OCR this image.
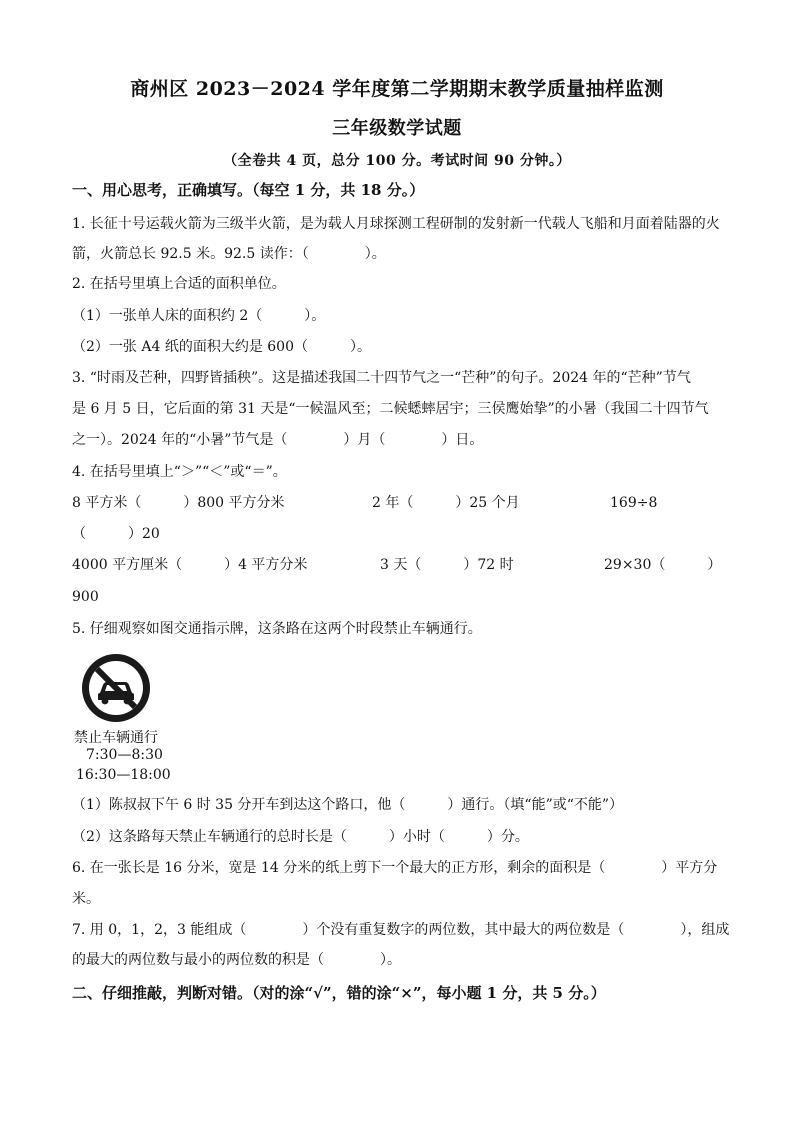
商州区 2023－2024 学年度第二学期期末教学质量抽样监测
三年级数学试题
（全卷共 4 页，总分 100 分。考试时间 90 分钟。）
一、用心思考，正确填写。（每空 1 分，共 18 分。）
1. 长征十号运载火箭为三级半火箭，是为载人月球探测工程研制的发射新一代载人飞船和月面着陆器的火
箭，火箭总长 92.5 米。92.5 读作：（　　　　）。
2. 在括号里填上合适的面积单位。
（1）一张单人床的面积约 2（　　　）。
（2）一张 A4 纸的面积大约是 600（　　　）。
3. “时雨及芒种，四野皆插秧”。这是描述我国二十四节气之一“芒种”的句子。2024 年的“芒种”节气
是 6 月 5 日，它后面的第 31 天是“一候温风至；二候蟋蟀居宇；三侯鹰始挚”的小暑（我国二十四节气
之一）。2024 年的“小暑”节气是（　　　　）月（　　　　）日。
4. 在括号里填上“＞”“＜”或“＝”。
8 平方米（　　　）800 平方分米	2 年（　　　）25 个月	169÷8
（　　　）20
4000 平方厘米（　　　）4 平方分米	3 天（　　　）72 时	29×30（　　　）
900
5. 仔细观察如图交通指示牌，这条路在这两个时段禁止车辆通行。
禁止车辆通行
7:30—8:30
16:30—18:00
（1）陈叔叔下午 6 时 35 分开车到达这个路口，他（　　　）通行。（填“能”或“不能”）
（2）这条路每天禁止车辆通行的总时长是（　　　）小时（　　　）分。
6. 在一张长是 16 分米，宽是 14 分米的纸上剪下一个最大的正方形，剩余的面积是（　　　　）平方分
米。
7. 用 0，1，2，3 能组成（　　　　）个没有重复数字的两位数，其中最大的两位数是（　　　　），组成
的最大的两位数与最小的两位数的积是（　　　　）。
二、仔细推敲，判断对错。（对的涂“√”，错的涂“×”，每小题 1 分，共 5 分。）
